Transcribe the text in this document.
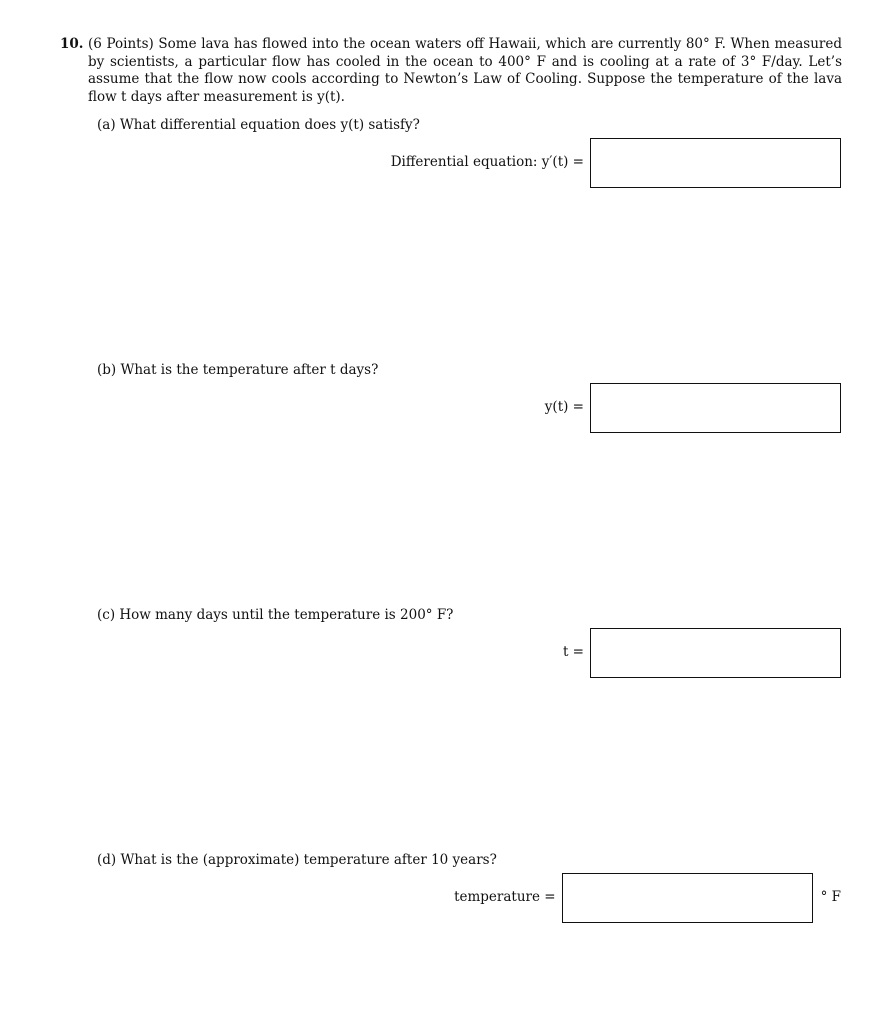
10. (6 Points) Some lava has flowed into the ocean waters off Hawaii, which are currently 80° F. When measured by scientists, a particular flow has cooled in the ocean to 400° F and is cooling at a rate of 3° F/day. Let’s assume that the flow now cools according to Newton’s Law of Cooling. Suppose the temperature of the lava flow t days after measurement is y(t).
(a) What differential equation does y(t) satisfy?
Differential equation: y′(t) =
(b) What is the temperature after t days?
y(t) =
(c) How many days until the temperature is 200° F?
t =
(d) What is the (approximate) temperature after 10 years?
temperature =	° F
